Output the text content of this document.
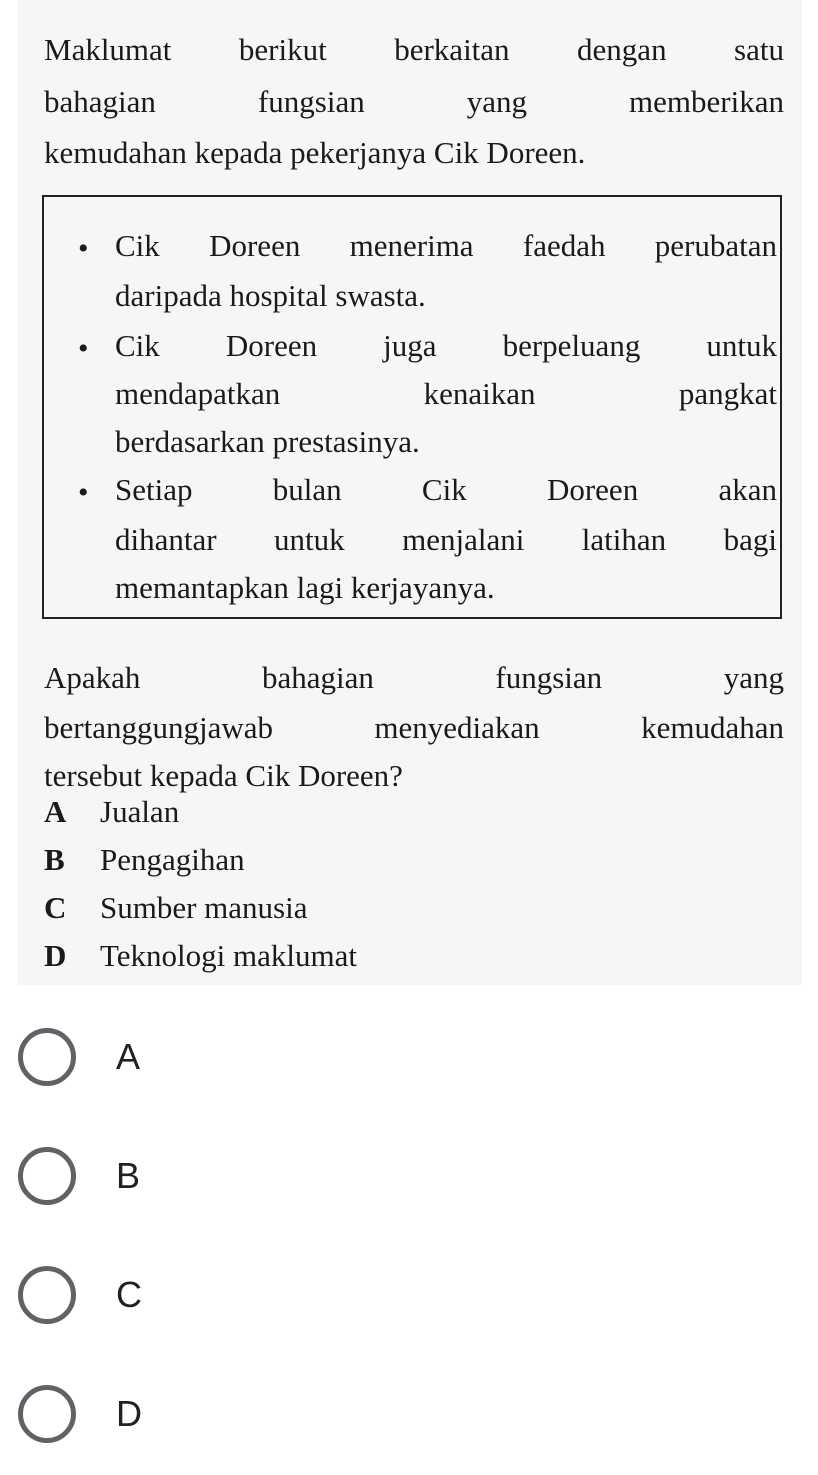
Maklumat berikut berkaitan dengan satu
bahagian fungsian yang memberikan
kemudahan kepada pekerjanya Cik Doreen.
• Cik Doreen menerima faedah perubatan
daripada hospital swasta.
• Cik Doreen juga berpeluang untuk
mendapatkan kenaikan pangkat
berdasarkan prestasinya.
• Setiap bulan Cik Doreen akan
dihantar untuk menjalani latihan bagi
memantapkan lagi kerjayanya.
Apakah bahagian fungsian yang
bertanggungjawab menyediakan kemudahan
tersebut kepada Cik Doreen?
A Jualan
B Pengagihan
C Sumber manusia
D Teknologi maklumat
A
B
C
D
